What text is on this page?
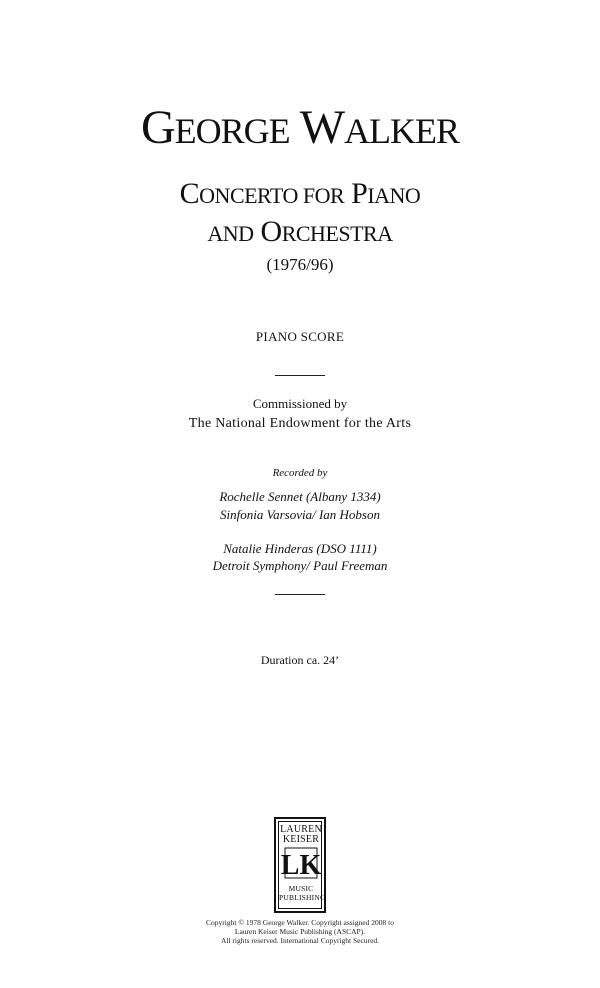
GEORGE WALKER
CONCERTO FOR PIANO
AND ORCHESTRA
(1976/96)
PIANO SCORE
Commissioned by
The National Endowment for the Arts
Recorded by
Rochelle Sennet (Albany 1334)
Sinfonia Varsovia/ Ian Hobson
Natalie Hinderas (DSO 1111)
Detroit Symphony/ Paul Freeman
Duration ca. 24’
LAUREN
KEISER
LK
MUSIC
PUBLISHING
Copyright © 1978 George Walker. Copyright assigned 2008 to
Lauren Keiser Music Publishing (ASCAP).
All rights reserved. International Copyright Secured.
